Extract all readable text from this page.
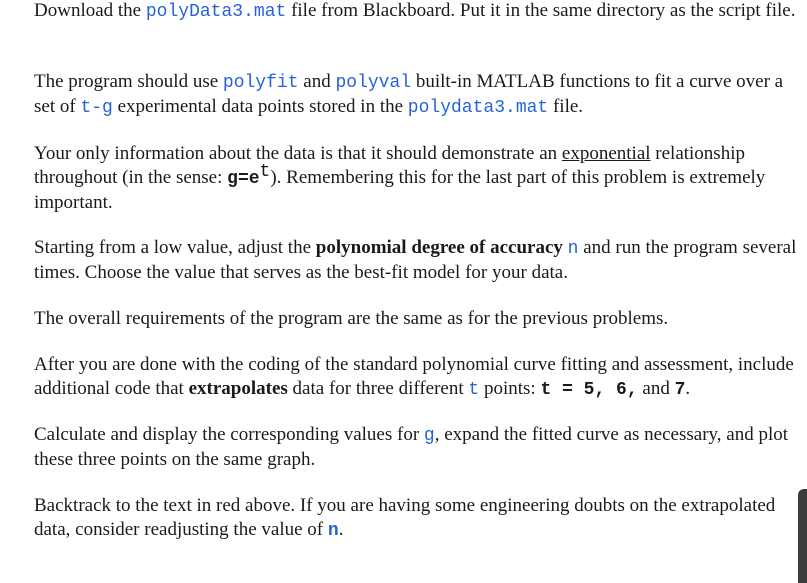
Download the polyData3.mat file from Blackboard. Put it in the same directory as the script file.

The program should use polyfit and polyval built-in MATLAB functions to fit a curve over a set of t-g experimental data points stored in the polydata3.mat file.

Your only information about the data is that it should demonstrate an exponential relationship throughout (in the sense: $g=e^t$). Remembering this for the last part of this problem is extremely important.

Starting from a low value, adjust the polynomial degree of accuracy n and run the program several times. Choose the value that serves as the best-fit model for your data.

The overall requirements of the program are the same as for the previous problems.

After you are done with the coding of the standard polynomial curve fitting and assessment, include additional code that extrapolates data for three different t points: t = 5, 6, and 7.

Calculate and display the corresponding values for g, expand the fitted curve as necessary, and plot these three points on the same graph.

Backtrack to the text in red above. If you are having some engineering doubts on the extrapolated data, consider readjusting the value of n.
